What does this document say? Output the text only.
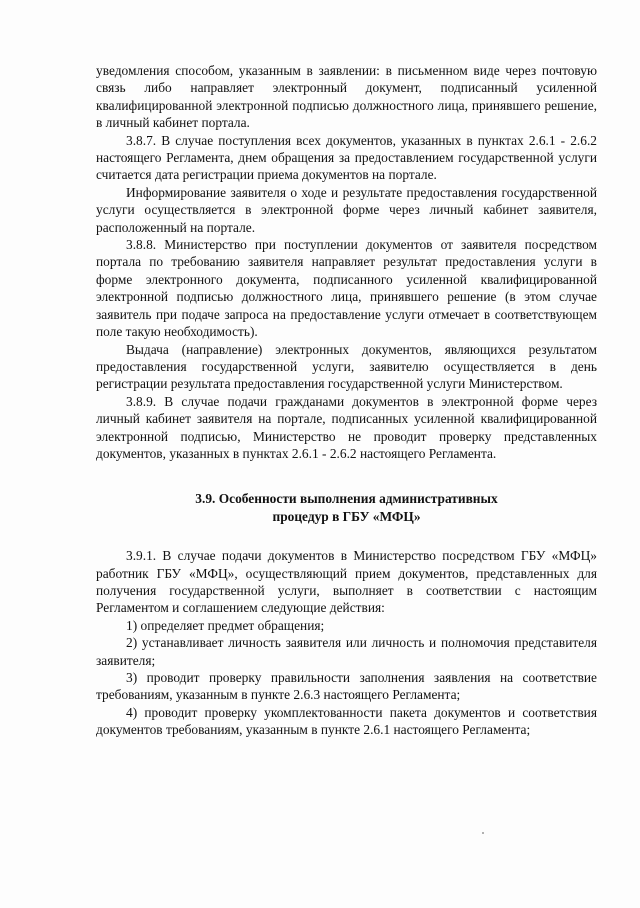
уведомления способом, указанным в заявлении: в письменном виде через почтовую связь либо направляет электронный документ, подписанный усиленной квалифицированной электронной подписью должностного лица, принявшего решение, в личный кабинет портала.

3.8.7. В случае поступления всех документов, указанных в пунктах 2.6.1 - 2.6.2 настоящего Регламента, днем обращения за предоставлением государственной услуги считается дата регистрации приема документов на портале.

Информирование заявителя о ходе и результате предоставления государственной услуги осуществляется в электронной форме через личный кабинет заявителя, расположенный на портале.

3.8.8. Министерство при поступлении документов от заявителя посредством портала по требованию заявителя направляет результат предоставления услуги в форме электронного документа, подписанного усиленной квалифицированной электронной подписью должностного лица, принявшего решение (в этом случае заявитель при подаче запроса на предоставление услуги отмечает в соответствующем поле такую необходимость).

Выдача (направление) электронных документов, являющихся результатом предоставления государственной услуги, заявителю осуществляется в день регистрации результата предоставления государственной услуги Министерством.

3.8.9. В случае подачи гражданами документов в электронной форме через личный кабинет заявителя на портале, подписанных усиленной квалифицированной электронной подписью, Министерство не проводит проверку представленных документов, указанных в пунктах 2.6.1 - 2.6.2 настоящего Регламента.

3.9. Особенности выполнения административных

процедур в ГБУ «МФЦ»

3.9.1. В случае подачи документов в Министерство посредством ГБУ «МФЦ» работник ГБУ «МФЦ», осуществляющий прием документов, представленных для получения государственной услуги, выполняет в соответствии с настоящим Регламентом и соглашением следующие действия:

1) определяет предмет обращения;

2) устанавливает личность заявителя или личность и полномочия представителя заявителя;

3) проводит проверку правильности заполнения заявления на соответствие требованиям, указанным в пункте 2.6.3 настоящего Регламента;

4) проводит проверку укомплектованности пакета документов и соответствия документов требованиям, указанным в пункте 2.6.1 настоящего Регламента;
